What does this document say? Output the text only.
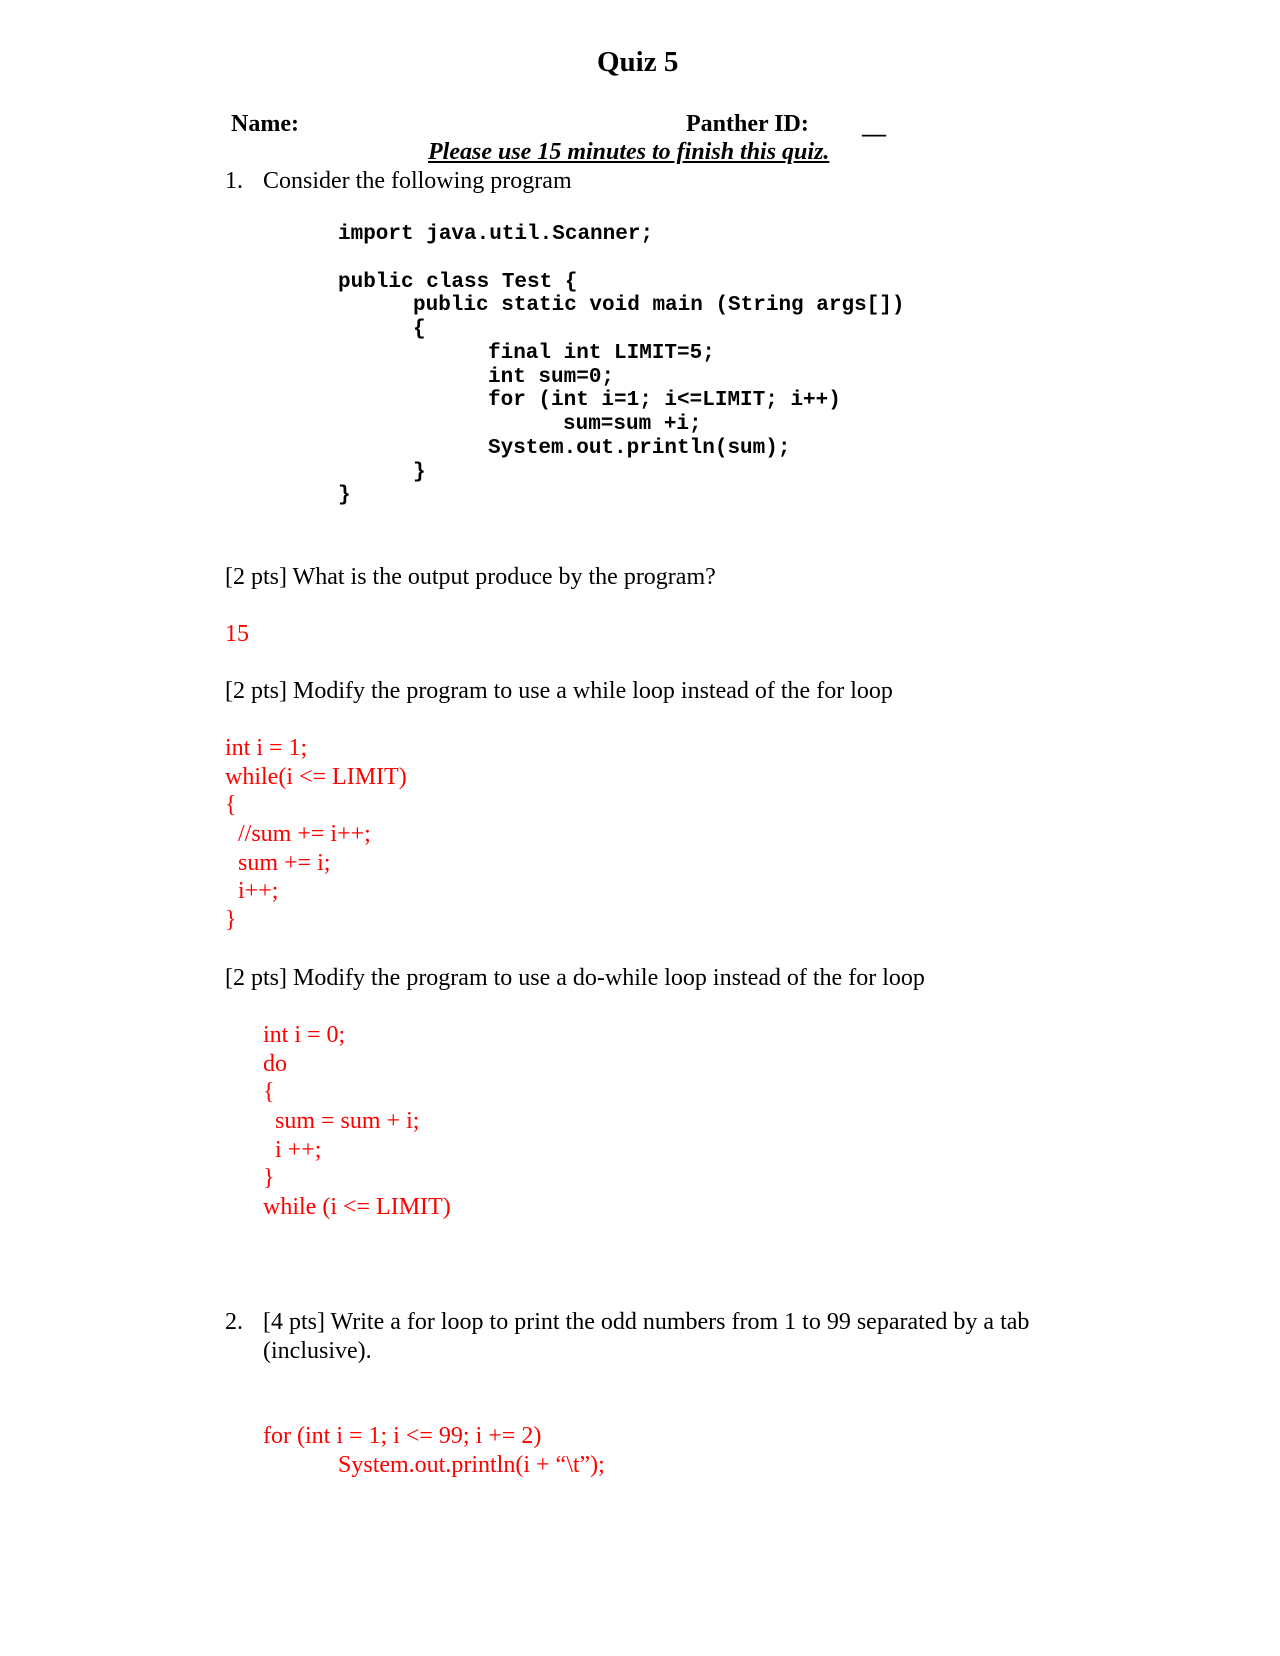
Quiz 5
Name:	Panther ID: __
Please use 15 minutes to finish this quiz.
1. Consider the following program
import java.util.Scanner;
public class Test {
public static void main (String args[])
{
final int LIMIT=5;
int sum=0;
for (int i=1; i<=LIMIT; i++)
sum=sum +i;
System.out.println(sum);
}
}
[2 pts] What is the output produce by the program?
15
[2 pts] Modify the program to use a while loop instead of the for loop
int i = 1;
while(i <= LIMIT)
{
//sum += i++;
sum += i;
i++;
}
[2 pts] Modify the program to use a do-while loop instead of the for loop
int i = 0;
do
{
sum = sum + i;
i ++;
}
while (i <= LIMIT)
2. [4 pts] Write a for loop to print the odd numbers from 1 to 99 separated by a tab
(inclusive).
for (int i = 1; i <= 99; i += 2)
System.out.println(i + “\t”);
